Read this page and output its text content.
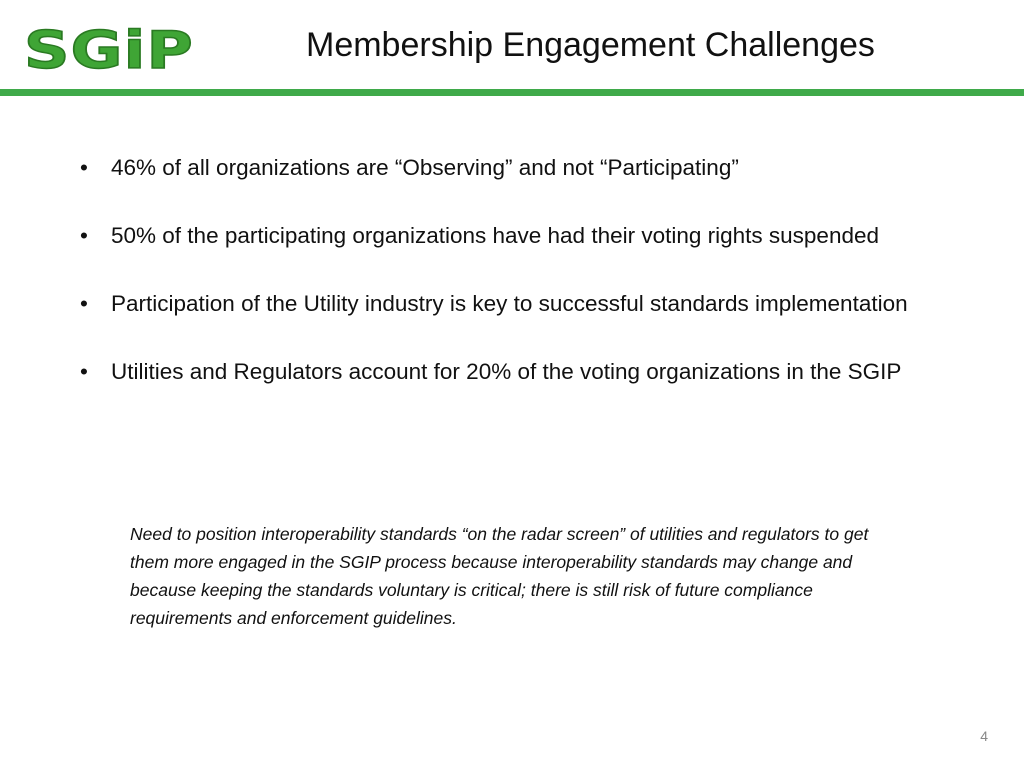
SGiP	Membership Engagement Challenges
•	46% of all organizations are “Observing” and not “Participating”
•	50% of the participating organizations have had their voting rights suspended
•	Participation of the Utility industry is key to successful standards implementation
•	Utilities and Regulators account for 20% of the voting organizations in the SGIP
Need to position interoperability standards “on the radar screen” of utilities and regulators to get them more engaged in the SGIP process because interoperability standards may change and because keeping the standards voluntary is critical; there is still risk of future compliance requirements and enforcement guidelines.
4
